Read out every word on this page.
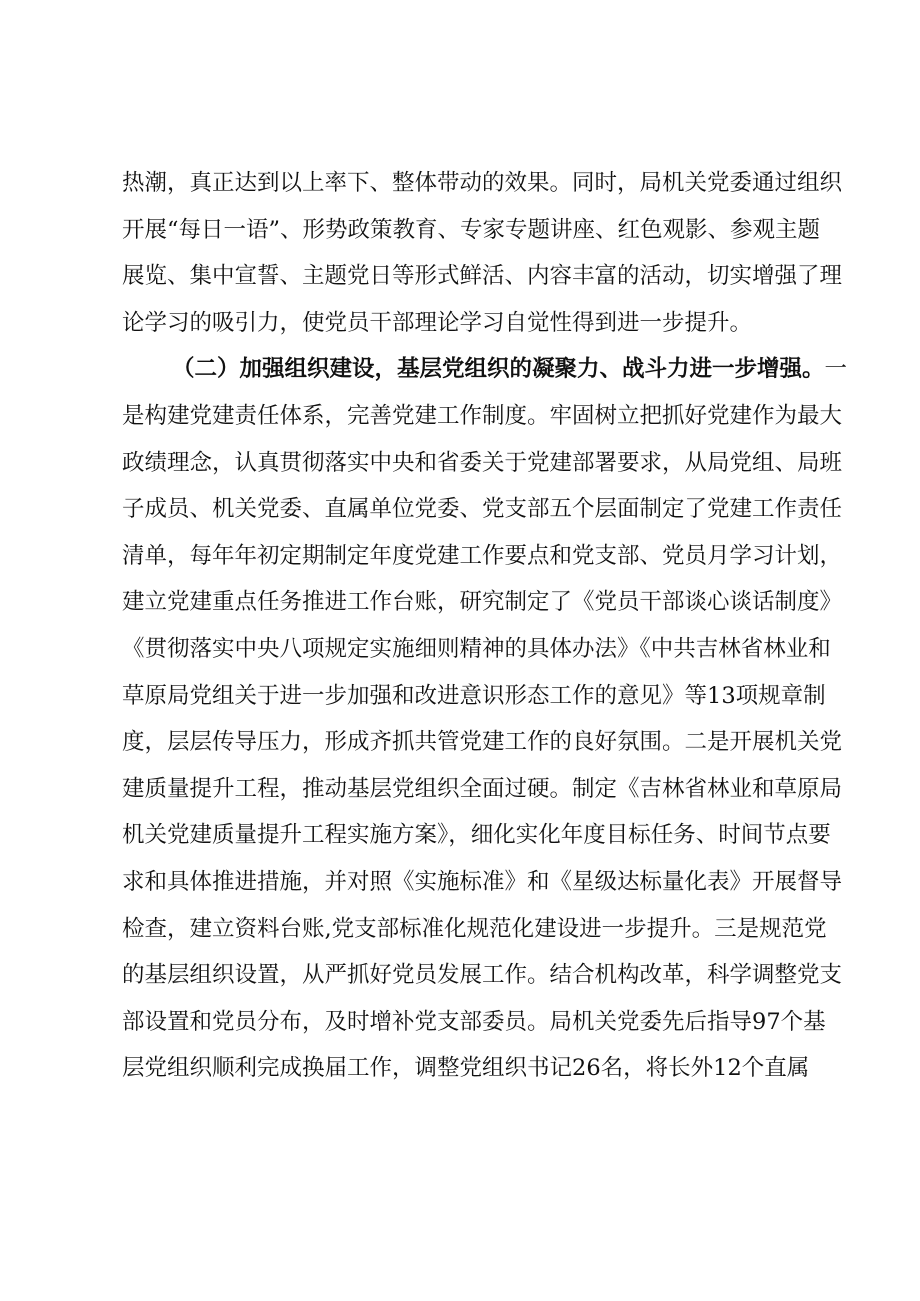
热潮，真正达到以上率下、整体带动的效果。同时，局机关党委通过组织
开展“每日一语”、形势政策教育、专家专题讲座、红色观影、参观主题
展览、集中宣誓、主题党日等形式鲜活、内容丰富的活动，切实增强了理
论学习的吸引力，使党员干部理论学习自觉性得到进一步提升。
（二）加强组织建设，基层党组织的凝聚力、战斗力进一步增强。一
是构建党建责任体系，完善党建工作制度。牢固树立把抓好党建作为最大
政绩理念，认真贯彻落实中央和省委关于党建部署要求，从局党组、局班
子成员、机关党委、直属单位党委、党支部五个层面制定了党建工作责任
清单，每年年初定期制定年度党建工作要点和党支部、党员月学习计划，
建立党建重点任务推进工作台账，研究制定了《党员干部谈心谈话制度》
《贯彻落实中央八项规定实施细则精神的具体办法》《中共吉林省林业和
草原局党组关于进一步加强和改进意识形态工作的意见》等13项规章制
度，层层传导压力，形成齐抓共管党建工作的良好氛围。二是开展机关党
建质量提升工程，推动基层党组织全面过硬。制定《吉林省林业和草原局
机关党建质量提升工程实施方案》，细化实化年度目标任务、时间节点要
求和具体推进措施，并对照《实施标准》和《星级达标量化表》开展督导
检查，建立资料台账,党支部标准化规范化建设进一步提升。三是规范党
的基层组织设置，从严抓好党员发展工作。结合机构改革，科学调整党支
部设置和党员分布，及时增补党支部委员。局机关党委先后指导97个基
层党组织顺利完成换届工作，调整党组织书记26名，将长外12个直属
